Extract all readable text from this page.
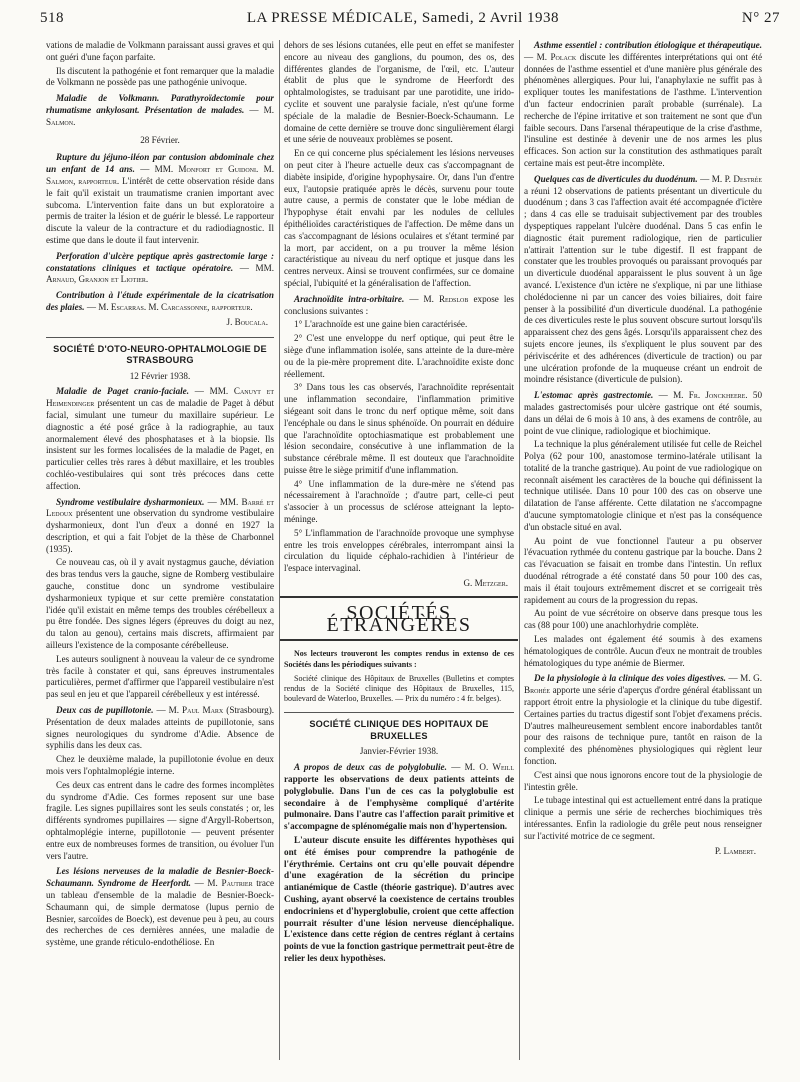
518	LA PRESSE MÉDICALE, Samedi, 2 Avril 1938	N° 27

vations de maladie de Volkmann paraissant aussi graves et qui ont guéri d'une façon parfaite.

Ils discutent la pathogénie et font remarquer que la maladie de Volkmann ne possède pas une pathogénie univoque.

Maladie de Volkmann. Parathyroïdectomie pour rhumatisme ankylosant. Présentation de malades. — M. Salmon.

28 Février.

Rupture du jéjuno-iléon par contusion abdominale chez un enfant de 14 ans. — MM. Monfort et Guidoni. M. Salmon, rapporteur. L'intérêt de cette observation réside dans le fait qu'il existait un traumatisme cranien important avec subcoma. L'intervention faite dans un but exploratoire a permis de traiter la lésion et de guérir le blessé. Le rapporteur discute la valeur de la contracture et du radiodiagnostic. Il estime que dans le doute il faut intervenir.

Perforation d'ulcère peptique après gastrectomie large : constatations cliniques et tactique opératoire. — MM. Arnaud, Granjon et Liotier.

Contribution à l'étude expérimentale de la cicatrisation des plaies. — M. Escarras. M. Carcassonne, rapporteur.

J. Boucala.

SOCIÉTÉ D'OTO-NEURO-OPHTALMOLOGIE DE STRASBOURG

12 Février 1938.

Maladie de Paget cranio-faciale. — MM. Canuyt et Heimendinger présentent un cas de maladie de Paget à début facial, simulant une tumeur du maxillaire supérieur. Le diagnostic a été posé grâce à la radiographie, au taux anormalement élevé des phosphatases et à la biopsie. Ils insistent sur les formes localisées de la maladie de Paget, en particulier celles très rares à début maxillaire, et les troubles cochléo-vestibulaires qui sont très précoces dans cette affection.

Syndrome vestibulaire dysharmonieux. — MM. Barré et Ledoux présentent une observation du syndrome vestibulaire dysharmonieux, dont l'un d'eux a donné en 1927 la description, et qui a fait l'objet de la thèse de Charbonnel (1935).

Ce nouveau cas, où il y avait nystagmus gauche, déviation des bras tendus vers la gauche, signe de Romberg vestibulaire gauche, constitue donc un syndrome vestibulaire dysharmonieux typique et sur cette première constatation l'idée qu'il existait en même temps des troubles cérébelleux a pu être fondée. Des signes légers (épreuves du doigt au nez, du talon au genou), certains mais discrets, affirmaient par ailleurs l'existence de la composante cérébelleuse.

Les auteurs soulignent à nouveau la valeur de ce syndrome très facile à constater et qui, sans épreuves instrumentales particulières, permet d'affirmer que l'appareil vestibulaire n'est pas seul en jeu et que l'appareil cérébelleux y est intéressé.

Deux cas de pupillotonie. — M. Paul Marx (Strasbourg). Présentation de deux malades atteints de pupillotonie, sans signes neurologiques du syndrome d'Adie. Absence de syphilis dans les deux cas.

Chez le deuxième malade, la pupillotonie évolue en deux mois vers l'ophtalmoplégie interne.

Ces deux cas entrent dans le cadre des formes incomplètes du syndrome d'Adie. Ces formes reposent sur une base fragile. Les signes pupillaires sont les seuls constatés ; or, les différents syndromes pupillaires — signe d'Argyll-Robertson, ophtalmoplégie interne, pupillotonie — peuvent présenter entre eux de nombreuses formes de transition, ou évoluer l'un vers l'autre.

Les lésions nerveuses de la maladie de Besnier-Boeck-Schaumann. Syndrome de Heerfordt. — M. Pautrier trace un tableau d'ensemble de la maladie de Besnier-Boeck-Schaumann qui, de simple dermatose (lupus pernio de Besnier, sarcoïdes de Boeck), est devenue peu à peu, au cours des recherches de ces dernières années, une maladie de système, une grande réticulo-endothéliose. En

dehors de ses lésions cutanées, elle peut en effet se manifester encore au niveau des ganglions, du poumon, des os, des différentes glandes de l'organisme, de l'œil, etc. L'auteur établit de plus que le syndrome de Heerfordt des ophtalmologistes, se traduisant par une parotidite, une irido-cyclite et souvent une paralysie faciale, n'est qu'une forme spéciale de la maladie de Besnier-Boeck-Schaumann. Le domaine de cette dernière se trouve donc singulièrement élargi et une série de nouveaux problèmes se posent.

En ce qui concerne plus spécialement les lésions nerveuses on peut citer à l'heure actuelle deux cas s'accompagnant de diabète insipide, d'origine hypophysaire. Or, dans l'un d'entre eux, l'autopsie pratiquée après le décès, survenu pour toute autre cause, a permis de constater que le lobe médian de l'hypophyse était envahi par les nodules de cellules épithélioïdes caractéristiques de l'affection. De même dans un cas s'accompagnant de lésions oculaires et s'étant terminé par la mort, par accident, on a pu trouver la même lésion caractéristique au niveau du nerf optique et jusque dans les centres nerveux. Ainsi se trouvent confirmées, sur ce domaine spécial, l'ubiquité et la généralisation de l'affection.

Arachnoïdite intra-orbitaire. — M. Redslob expose les conclusions suivantes :

1° L'arachnoïde est une gaine bien caractérisée.

2° C'est une enveloppe du nerf optique, qui peut être le siège d'une inflammation isolée, sans atteinte de la dure-mère ou de la pie-mère proprement dite. L'arachnoïdite existe donc réellement.

3° Dans tous les cas observés, l'arachnoïdite représentait une inflammation secondaire, l'inflammation primitive siégeant soit dans le tronc du nerf optique même, soit dans l'encéphale ou dans le sinus sphénoïde. On pourrait en déduire que l'arachnoïdite optochiasmatique est probablement une lésion secondaire, consécutive à une inflammation de la substance cérébrale même. Il est douteux que l'arachnoïdite puisse être le siège primitif d'une inflammation.

4° Une inflammation de la dure-mère ne s'étend pas nécessairement à l'arachnoïde ; d'autre part, celle-ci peut s'associer à un processus de sclérose atteignant la lepto-méninge.

5° L'inflammation de l'arachnoïde provoque une symphyse entre les trois enveloppes cérébrales, interrompant ainsi la circulation du liquide céphalo-rachidien à l'intérieur de l'espace intervaginal.

G. Metzger.

SOCIÉTÉS ÉTRANGÈRES

Nos lecteurs trouveront les comptes rendus in extenso de ces Sociétés dans les périodiques suivants :

Société clinique des Hôpitaux de Bruxelles (Bulletins et comptes rendus de la Société clinique des Hôpitaux de Bruxelles, 115, boulevard de Waterloo, Bruxelles. — Prix du numéro : 4 fr. belges).

SOCIÉTÉ CLINIQUE DES HOPITAUX DE BRUXELLES

Janvier-Février 1938.

A propos de deux cas de polyglobulie. — M. O. Weill rapporte les observations de deux patients atteints de polyglobulie. Dans l'un de ces cas la polyglobulie est secondaire à de l'emphysème compliqué d'artérite pulmonaire. Dans l'autre cas l'affection paraît primitive et s'accompagne de splénomégalie mais non d'hypertension.

L'auteur discute ensuite les différentes hypothèses qui ont été émises pour comprendre la pathogénie de l'érythrémie. Certains ont cru qu'elle pouvait dépendre d'une exagération de la sécrétion du principe antianémique de Castle (théorie gastrique). D'autres avec Cushing, ayant observé la coexistence de certains troubles endocriniens et d'hyperglobulie, croient que cette affection pourrait résulter d'une lésion nerveuse diencéphalique. L'existence dans cette région de centres réglant à certains points de vue la fonction gastrique permettrait peut-être de relier les deux hypothèses.

Asthme essentiel : contribution étiologique et thérapeutique. — M. Polack discute les différentes interprétations qui ont été données de l'asthme essentiel et d'une manière plus générale des phénomènes allergiques. Pour lui, l'anaphylaxie ne suffit pas à expliquer toutes les manifestations de l'asthme. L'intervention d'un facteur endocrinien paraît probable (surrénale). La recherche de l'épine irritative et son traitement ne sont que d'un faible secours. Dans l'arsenal thérapeutique de la crise d'asthme, l'insuline est destinée à devenir une de nos armes les plus efficaces. Son action sur la constitution des asthmatiques paraît certaine mais est peut-être incomplète.

Quelques cas de diverticules du duodénum. — M. P. Destrée a réuni 12 observations de patients présentant un diverticule du duodénum ; dans 3 cas l'affection avait été accompagnée d'ictère ; dans 4 cas elle se traduisait subjectivement par des troubles dyspeptiques rappelant l'ulcère duodénal. Dans 5 cas enfin le diagnostic était purement radiologique, rien de particulier n'attirait l'attention sur le tube digestif. Il est frappant de constater que les troubles provoqués ou paraissant provoqués par un diverticule duodénal apparaissent le plus souvent à un âge avancé. L'existence d'un ictère ne s'explique, ni par une lithiase cholédocienne ni par un cancer des voies biliaires, doit faire penser à la possibilité d'un diverticule duodénal. La pathogénie de ces diverticules reste le plus souvent obscure surtout lorsqu'ils apparaissent chez des gens âgés. Lorsqu'ils apparaissent chez des sujets encore jeunes, ils s'expliquent le plus souvent par des périviscérite et des adhérences (diverticule de traction) ou par une ulcération profonde de la muqueuse créant un endroit de moindre résistance (diverticule de pulsion).

L'estomac après gastrectomie. — M. Fr. Jonckheere. 50 malades gastrectomisés pour ulcère gastrique ont été soumis, dans un délai de 6 mois à 10 ans, à des examens de contrôle, au point de vue clinique, radiologique et biochimique.

La technique la plus généralement utilisée fut celle de Reichel Polya (62 pour 100, anastomose termino-latérale utilisant la totalité de la tranche gastrique). Au point de vue radiologique on reconnaît aisément les caractères de la bouche qui définissent la technique utilisée. Dans 10 pour 100 des cas on observe une dilatation de l'anse afférente. Cette dilatation ne s'accompagne d'aucune symptomatologie clinique et n'est pas la conséquence d'un obstacle situé en aval.

Au point de vue fonctionnel l'auteur a pu observer l'évacuation rythmée du contenu gastrique par la bouche. Dans 2 cas l'évacuation se faisait en trombe dans l'intestin. Un reflux duodénal rétrograde a été constaté dans 50 pour 100 des cas, mais il était toujours extrêmement discret et se corrigeait très rapidement au cours de la progression du repas.

Au point de vue sécrétoire on observe dans presque tous les cas (88 pour 100) une anachlorhydrie complète.

Les malades ont également été soumis à des examens hématologiques de contrôle. Aucun d'eux ne montrait de troubles hématologiques du type anémie de Biermer.

De la physiologie à la clinique des voies digestives. — M. G. Brohée apporte une série d'aperçus d'ordre général établissant un rapport étroit entre la physiologie et la clinique du tube digestif. Certaines parties du tractus digestif sont l'objet d'examens précis. D'autres malheureusement semblent encore inabordables tantôt pour des raisons de technique pure, tantôt en raison de la complexité des phénomènes physiologiques qui règlent leur fonction.

C'est ainsi que nous ignorons encore tout de la physiologie de l'intestin grêle.

Le tubage intestinal qui est actuellement entré dans la pratique clinique a permis une série de recherches biochimiques très intéressantes. Enfin la radiologie du grêle peut nous renseigner sur l'activité motrice de ce segment.

P. Lambert.
